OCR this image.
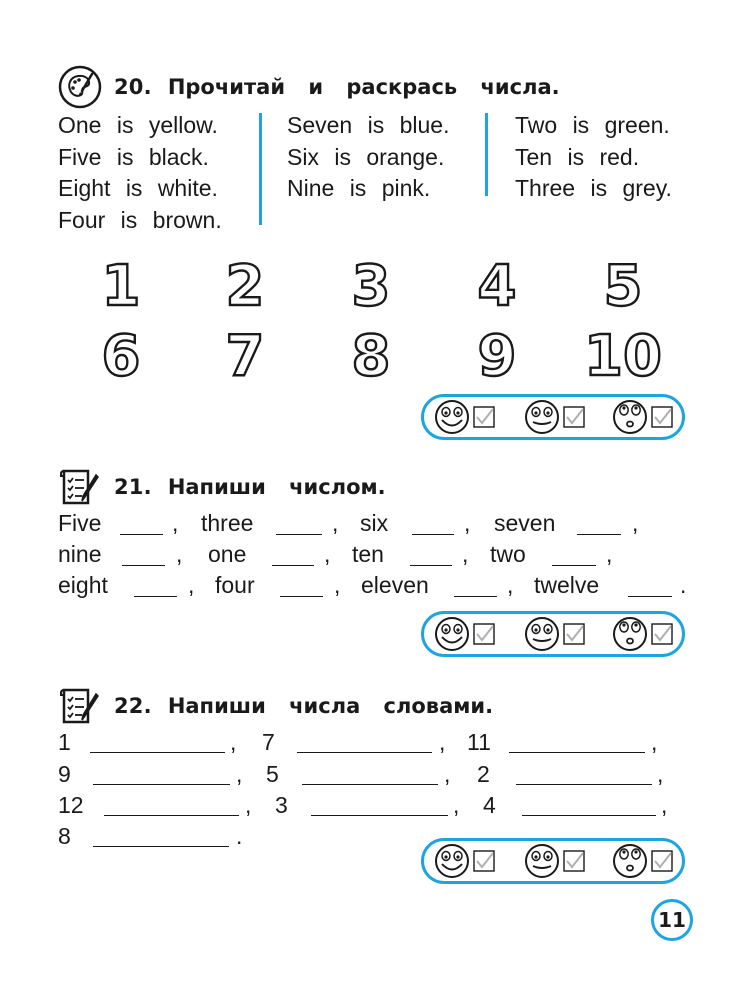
20. Прочитай и раскрась числа.
One is yellow.
Five is black.
Eight is white.
Four is brown.
Seven is blue.
Six is orange.
Nine is pink.
Two is green.
Ten is red.
Three is grey.
1 2 3 4 5
6 7 8 9 10
21. Напиши числом.
Five	, three	, six	, seven	,
nine	, one	, ten	, two	,
eight	, four	, eleven	, twelve	.
22. Напиши числа словами.
1	, 7	, 11	,
9	, 5	, 2	,
12	, 3	, 4	,
8	.
11
